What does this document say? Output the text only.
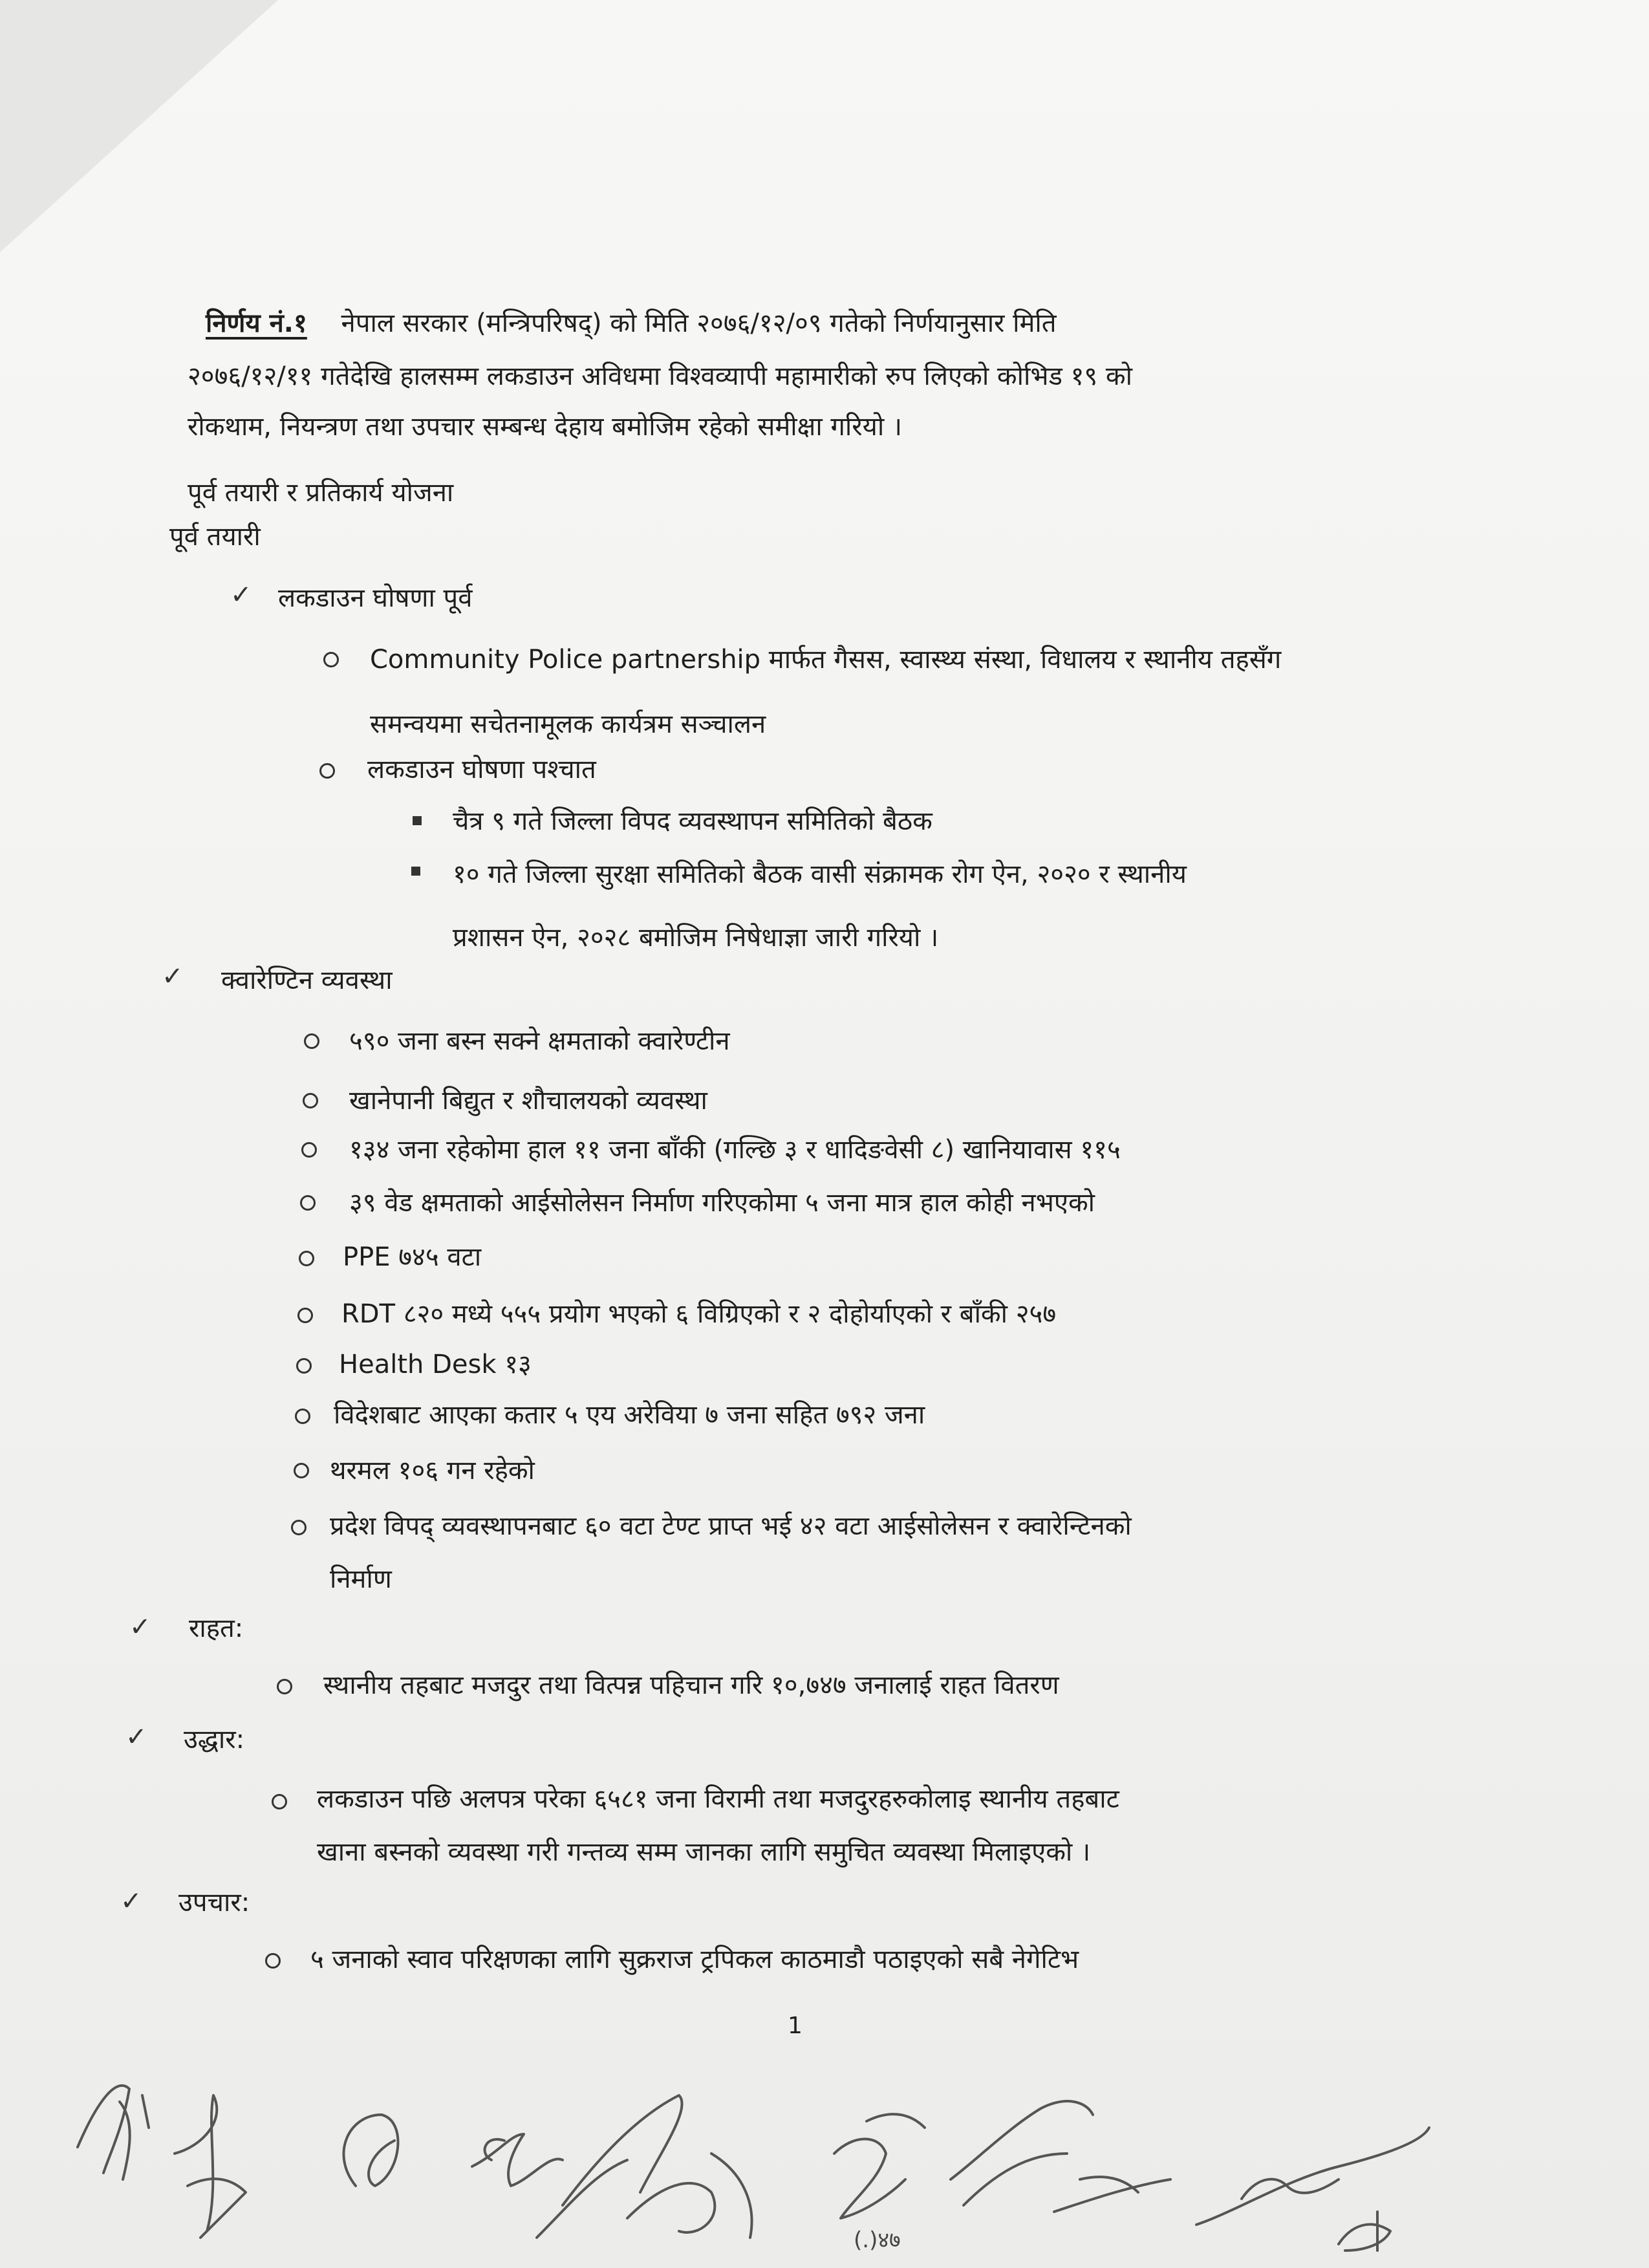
निर्णय नं.१ नेपाल सरकार (मन्त्रिपरिषद्) को मिति २०७६/१२/०९ गतेको निर्णयानुसार मिति
२०७६/१२/११ गतेदेखि हालसम्म लकडाउन अविधमा विश्वव्यापी महामारीको रुप लिएको कोभिड १९ को
रोकथाम, नियन्त्रण तथा उपचार सम्बन्ध देहाय बमोजिम रहेको समीक्षा गरियो ।
पूर्व तयारी र प्रतिकार्य योजना
पूर्व तयारी
✓ लकडाउन घोषणा पूर्व
Community Police partnership मार्फत गैसस, स्वास्थ्य संस्था, विधालय र स्थानीय तहसँग
समन्वयमा सचेतनामूलक कार्यत्रम सञ्चालन
लकडाउन घोषणा पश्चात
चैत्र ९ गते जिल्ला विपद व्यवस्थापन समितिको बैठक
१० गते जिल्ला सुरक्षा समितिको बैठक वासी संक्रामक रोग ऐन, २०२० र स्थानीय
प्रशासन ऐन, २०२८ बमोजिम निषेधाज्ञा जारी गरियो ।
✓ क्वारेण्टिन व्यवस्था
५९० जना बस्न सक्ने क्षमताको क्वारेण्टीन
खानेपानी बिद्युत र शौचालयको व्यवस्था
१३४ जना रहेकोमा हाल ११ जना बाँकी (गल्छि ३ र धादिङवेसी ८) खानियावास ११५
३९ वेड क्षमताको आईसोलेसन निर्माण गरिएकोमा ५ जना मात्र हाल कोही नभएको
PPE ७४५ वटा
RDT ८२० मध्ये ५५५ प्रयोग भएको ६ विग्रिएको र २ दोहोर्याएको र बाँकी २५७
Health Desk १३
विदेशबाट आएका कतार ५ एय अरेविया ७ जना सहित ७९२ जना
थरमल १०६ गन रहेको
प्रदेश विपद् व्यवस्थापनबाट ६० वटा टेण्ट प्राप्त भई ४२ वटा आईसोलेसन र क्वारेन्टिनको
निर्माण
✓ राहत:
स्थानीय तहबाट मजदुर तथा वित्पन्न पहिचान गरि १०,७४७ जनालाई राहत वितरण
✓ उद्धार:
लकडाउन पछि अलपत्र परेका ६५८१ जना विरामी तथा मजदुरहरुकोलाइ स्थानीय तहबाट
खाना बस्नको व्यवस्था गरी गन्तव्य सम्म जानका लागि समुचित व्यवस्था मिलाइएको ।
✓ उपचार:
५ जनाको स्वाव परिक्षणका लागि सुक्रराज ट्रपिकल काठमाडौ पठाइएको सबै नेगेटिभ
1
(.)४७
